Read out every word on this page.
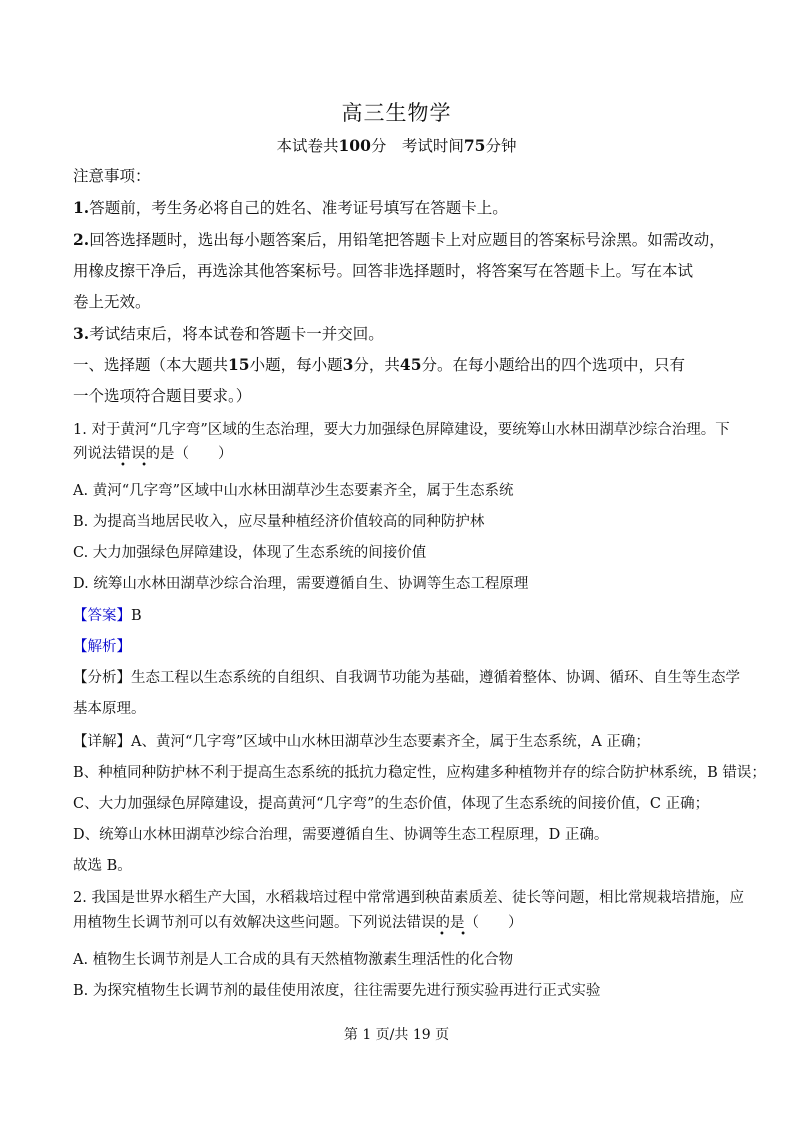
高三生物学
本试卷共100分　考试时间75分钟
注意事项：
1.答题前，考生务必将自己的姓名、准考证号填写在答题卡上。
2.回答选择题时，选出每小题答案后，用铅笔把答题卡上对应题目的答案标号涂黑。如需改动，
用橡皮擦干净后，再选涂其他答案标号。回答非选择题时，将答案写在答题卡上。写在本试
卷上无效。
3.考试结束后，将本试卷和答题卡一并交回。
一、选择题（本大题共15小题，每小题3分，共45分。在每小题给出的四个选项中，只有
一个选项符合题目要求。）
1. 对于黄河“几字弯”区域的生态治理，要大力加强绿色屏障建设，要统筹山水林田湖草沙综合治理。下
列说法错误的是（　　）
• •
A. 黄河“几字弯”区域中山水林田湖草沙生态要素齐全，属于生态系统
B. 为提高当地居民收入，应尽量种植经济价值较高的同种防护林
C. 大力加强绿色屏障建设，体现了生态系统的间接价值
D. 统筹山水林田湖草沙综合治理，需要遵循自生、协调等生态工程原理
【答案】B
【解析】
【分析】生态工程以生态系统的自组织、自我调节功能为基础，遵循着整体、协调、循环、自生等生态学
基本原理。
【详解】A、黄河“几字弯”区域中山水林田湖草沙生态要素齐全，属于生态系统，A 正确；
B、种植同种防护林不利于提高生态系统的抵抗力稳定性，应构建多种植物并存的综合防护林系统，B 错误；
C、大力加强绿色屏障建设，提高黄河“几字弯”的生态价值，体现了生态系统的间接价值，C 正确；
D、统筹山水林田湖草沙综合治理，需要遵循自生、协调等生态工程原理，D 正确。
故选 B。
2. 我国是世界水稻生产大国，水稻栽培过程中常常遇到秧苗素质差、徒长等问题，相比常规栽培措施，应
用植物生长调节剂可以有效解决这些问题。下列说法错误的是（　　）
• •
A. 植物生长调节剂是人工合成的具有天然植物激素生理活性的化合物
B. 为探究植物生长调节剂的最佳使用浓度，往往需要先进行预实验再进行正式实验
第 1 页/共 19 页
